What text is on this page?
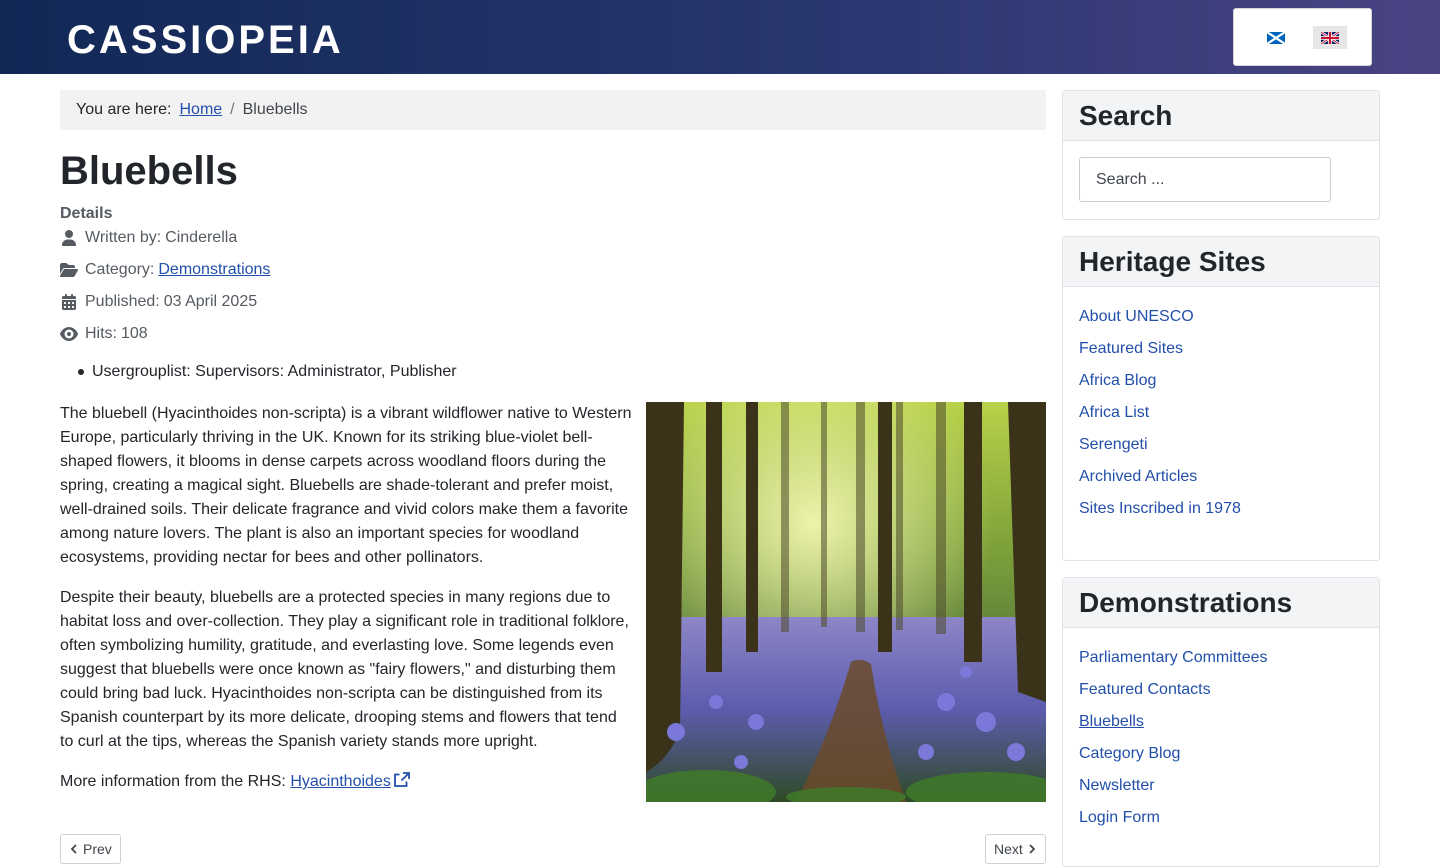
CASSIOPEIA
You are here: Home / Bluebells
Bluebells
Details
Written by: Cinderella
Category: Demonstrations
Published: 03 April 2025
Hits: 108
Usergrouplist: Supervisors: Administrator, Publisher

The bluebell (Hyacinthoides non-scripta) is a vibrant wildflower native to Western Europe, particularly thriving in the UK. Known for its striking blue-violet bell-shaped flowers, it blooms in dense carpets across woodland floors during the spring, creating a magical sight. Bluebells are shade-tolerant and prefer moist, well-drained soils. Their delicate fragrance and vivid colors make them a favorite among nature lovers. The plant is also an important species for woodland ecosystems, providing nectar for bees and other pollinators.

Despite their beauty, bluebells are a protected species in many regions due to habitat loss and over-collection. They play a significant role in traditional folklore, often symbolizing humility, gratitude, and everlasting love. Some legends even suggest that bluebells were once known as "fairy flowers," and disturbing them could bring bad luck. Hyacinthoides non-scripta can be distinguished from its Spanish counterpart by its more delicate, drooping stems and flowers that tend to curl at the tips, whereas the Spanish variety stands more upright.

More information from the RHS: Hyacinthoides

Prev	Next
Search
Search ...
Heritage Sites
About UNESCO
Featured Sites
Africa Blog
Africa List
Serengeti
Archived Articles
Sites Inscribed in 1978
Demonstrations
Parliamentary Committees
Featured Contacts
Bluebells
Category Blog
Newsletter
Login Form
